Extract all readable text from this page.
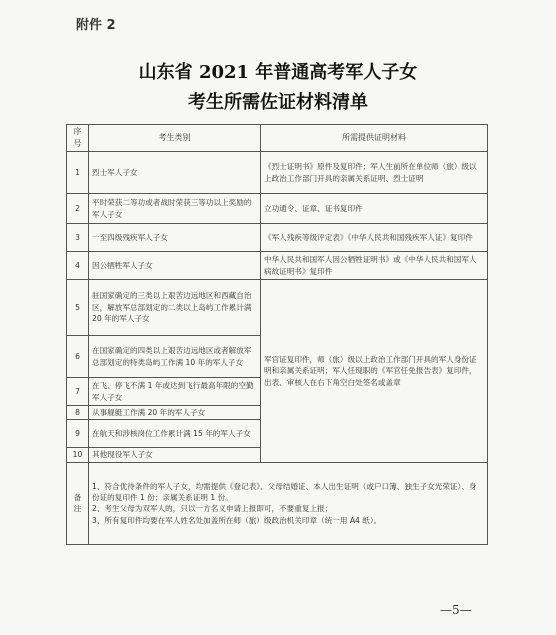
附件 2
山东省 2021 年普通高考军人子女
考生所需佐证材料清单
序号	考生类别	所需提供证明材料
1	烈士军人子女	《烈士证明书》原件及复印件；军人生前所在单位师（旅）级以上政治工作部门开具的亲属关系证明、烈士证明
2	平时荣获二等功或者战时荣获三等功以上奖励的军人子女	立功通令、证章、证书复印件
3	一至四级残疾军人子女	《军人残疾等级评定表》《中华人民共和国残疾军人证》复印件
4	因公牺牲军人子女	中华人民共和国军人因公牺牲证明书》或《中华人民共和国军人病故证明书》复印件
5	驻国家确定的三类以上艰苦边远地区和西藏自治区，解放军总部划定的二类以上岛屿工作累计满 20 年的军人子女	军官证复印件，师（旅）级以上政治工作部门开具的军人身份证明和亲属关系证明；军人任现职的《军官任免报告表》复印件，出表、审核人在右下角空白处签名或盖章
6	在国家确定的四类以上艰苦边远地区或者解放军总部划定的特类岛屿工作满 10 年的军人子女	
7	在飞、停飞不满 1 年或达到飞行最高年限的空勤军人子女	
8	从事舰艇工作满 20 年的军人子女	
9	在航天和涉核岗位工作累计满 15 年的军人子女	
10	其他现役军人子女	
备注	1、符合优待条件的军人子女，均需提供《登记表》、父母结婚证、本人出生证明（或户口簿、独生子女光荣证）、身份证的复印件 1 份；亲属关系证明 1 份。
2、考生父母为双军人的，只以一方名义申请上报即可，不要重复上报；
3、所有复印件均要在军人姓名处加盖所在师（旅）级政治机关印章（统一用 A4 纸）。	
—5—
